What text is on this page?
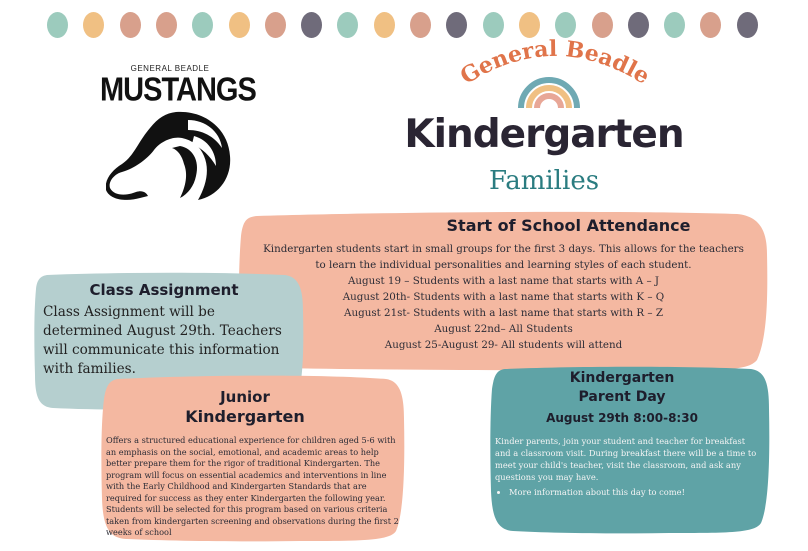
GENERAL BEADLE
MUSTANGS	General Beadle
Kindergarten
Families
Start of School Attendance

Kindergarten students start in small groups for the first 3 days. This allows for the teachers to learn the individual personalities and learning styles of each student.

August 19 – Students with a last name that starts with A – J

August 20th- Students with a last name that starts with K – Q

August 21st- Students with a last name that starts with R – Z

August 22nd– All Students

August 25-August 29- All students will attend

Class Assignment
Class Assignment will be determined August 29th. Teachers will communicate this information with families.
Junior
Kindergarten
Offers a structured educational experience for children aged 5-6 with an emphasis on the social, emotional, and academic areas to help better prepare them for the rigor of traditional Kindergarten. The program will focus on essential academics and interventions in line with the Early Childhood and Kindergarten Standards that are required for success as they enter Kindergarten the following year. Students will be selected for this program based on various criteria taken from kindergarten screening and observations during the first 2 weeks of school
Kindergarten
Parent Day
August 29th 8:00-8:30
Kinder parents, join your student and teacher for breakfast and a classroom visit. During breakfast there will be a time to meet your child's teacher, visit the classroom, and ask any questions you may have.
• More information about this day to come!
